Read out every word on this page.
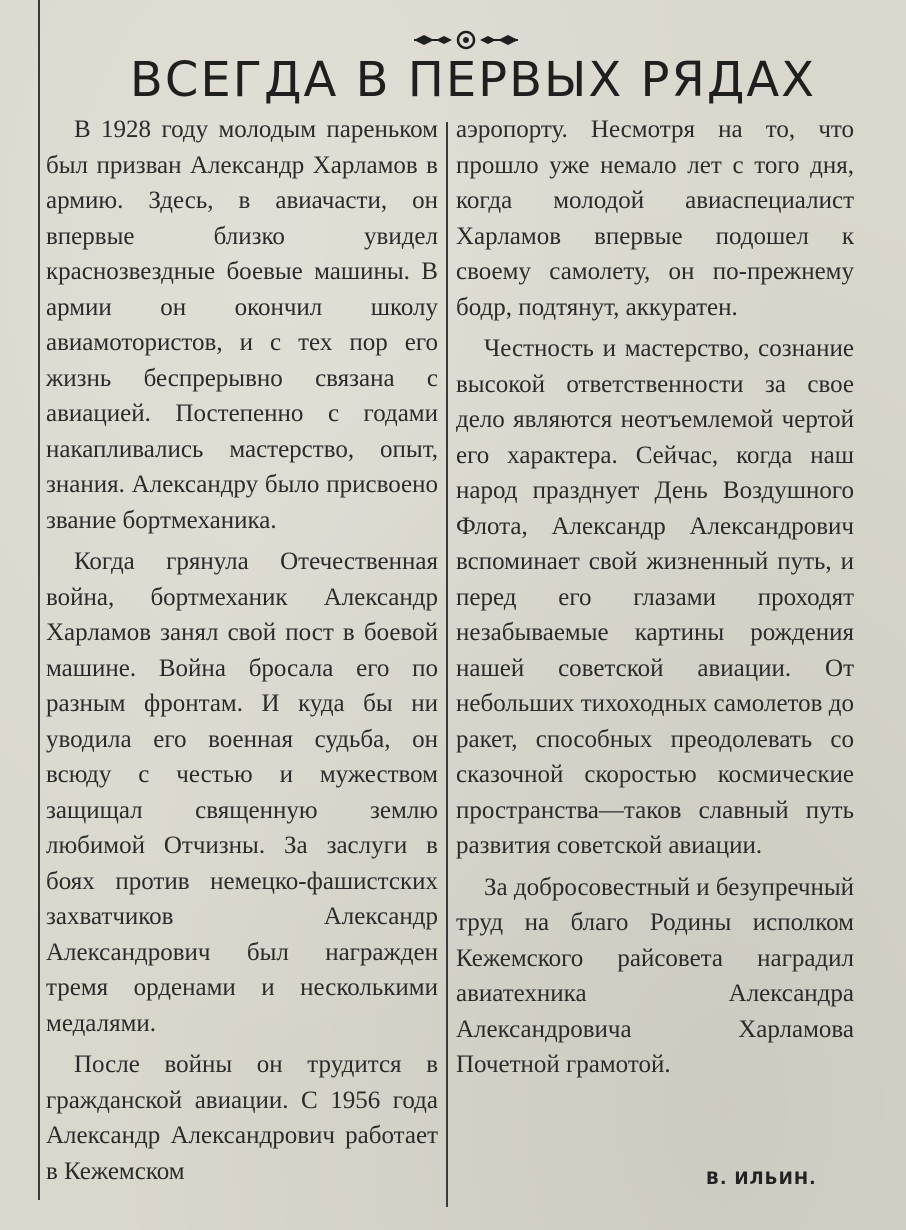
ВСЕГДА В ПЕРВЫХ РЯДАХ

В 1928 году молодым пареньком был призван Александр Харламов в армию. Здесь, в авиачасти, он впервые близко увидел краснозвездные боевые машины. В армии он окончил школу авиамотористов, и с тех пор его жизнь беспрерывно связана с авиацией. Постепенно с годами накапливались мастерство, опыт, знания. Александру было присвоено звание бортмеханика.

Когда грянула Отечественная война, бортмеханик Александр Харламов занял свой пост в боевой машине. Война бросала его по разным фронтам. И куда бы ни уводила его военная судьба, он всюду с честью и мужеством защищал священную землю любимой Отчизны. За заслуги в боях против немецко-фашистских захватчиков Александр Александрович был награжден тремя орденами и несколькими медалями.

После войны он трудится в гражданской авиации. С 1956 года Александр Александрович работает в Кежемском

аэропорту. Несмотря на то, что прошло уже немало лет с того дня, когда молодой авиаспециалист Харламов впервые подошел к своему самолету, он по-прежнему бодр, подтянут, аккуратен.

Честность и мастерство, сознание высокой ответственности за свое дело являются неотъемлемой чертой его характера. Сейчас, когда наш народ празднует День Воздушного Флота, Александр Александрович вспоминает свой жизненный путь, и перед его глазами проходят незабываемые картины рождения нашей советской авиации. От небольших тихоходных самолетов до ракет, способных преодолевать со сказочной скоростью космические пространства—таков славный путь развития советской авиации.

За добросовестный и безупречный труд на благо Родины исполком Кежемского райсовета наградил авиатехника Александра Александровича Харламова Почетной грамотой.

В. ИЛЬИН.
